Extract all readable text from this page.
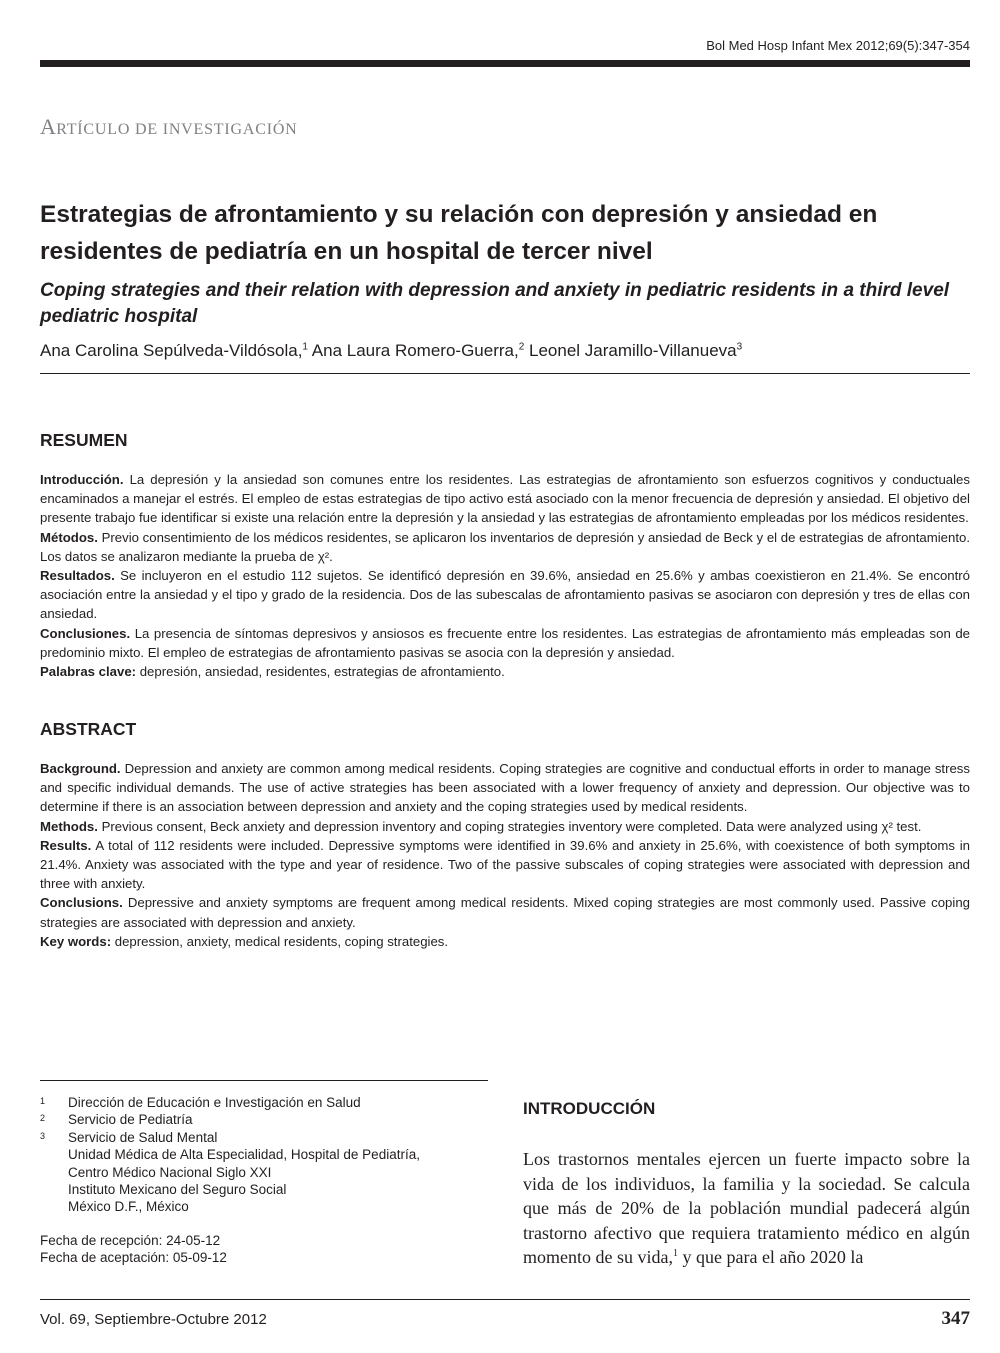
Bol Med Hosp Infant Mex 2012;69(5):347-354
ARTÍCULO DE INVESTIGACIÓN
Estrategias de afrontamiento y su relación con depresión y ansiedad en residentes de pediatría en un hospital de tercer nivel
Coping strategies and their relation with depression and anxiety in pediatric residents in a third level pediatric hospital
Ana Carolina Sepúlveda-Vildósola,$^1$ Ana Laura Romero-Guerra,$^2$ Leonel Jaramillo-Villanueva$^3$
RESUMEN

Introducción. La depresión y la ansiedad son comunes entre los residentes. Las estrategias de afrontamiento son esfuerzos cognitivos y conductuales encaminados a manejar el estrés. El empleo de estas estrategias de tipo activo está asociado con la menor frecuencia de depresión y ansiedad. El objetivo del presente trabajo fue identificar si existe una relación entre la depresión y la ansiedad y las estrategias de afrontamiento empleadas por los médicos residentes.

Métodos. Previo consentimiento de los médicos residentes, se aplicaron los inventarios de depresión y ansiedad de Beck y el de estrategias de afrontamiento. Los datos se analizaron mediante la prueba de χ².

Resultados. Se incluyeron en el estudio 112 sujetos. Se identificó depresión en 39.6%, ansiedad en 25.6% y ambas coexistieron en 21.4%. Se encontró asociación entre la ansiedad y el tipo y grado de la residencia. Dos de las subescalas de afrontamiento pasivas se asociaron con depresión y tres de ellas con ansiedad.

Conclusiones. La presencia de síntomas depresivos y ansiosos es frecuente entre los residentes. Las estrategias de afrontamiento más empleadas son de predominio mixto. El empleo de estrategias de afrontamiento pasivas se asocia con la depresión y ansiedad.

Palabras clave: depresión, ansiedad, residentes, estrategias de afrontamiento.

ABSTRACT

Background. Depression and anxiety are common among medical residents. Coping strategies are cognitive and conductual efforts in order to manage stress and specific individual demands. The use of active strategies has been associated with a lower frequency of anxiety and depression. Our objective was to determine if there is an association between depression and anxiety and the coping strategies used by medical residents.

Methods. Previous consent, Beck anxiety and depression inventory and coping strategies inventory were completed. Data were analyzed using χ² test.

Results. A total of 112 residents were included. Depressive symptoms were identified in 39.6% and anxiety in 25.6%, with coexistence of both symptoms in 21.4%. Anxiety was associated with the type and year of residence. Two of the passive subscales of coping strategies were associated with depression and three with anxiety.

Conclusions. Depressive and anxiety symptoms are frequent among medical residents. Mixed coping strategies are most commonly used. Passive coping strategies are associated with depression and anxiety.

Key words: depression, anxiety, medical residents, coping strategies.

1	Dirección de Educación e Investigación en Salud
2	Servicio de Pediatría
3	Servicio de Salud Mental
Unidad Médica de Alta Especialidad, Hospital de Pediatría,
Centro Médico Nacional Siglo XXI
Instituto Mexicano del Seguro Social
México D.F., México
Fecha de recepción: 24-05-12
Fecha de aceptación: 05-09-12
INTRODUCCIÓN

Los trastornos mentales ejercen un fuerte impacto sobre la vida de los individuos, la familia y la sociedad. Se calcula que más de 20% de la población mundial padecerá algún trastorno afectivo que requiera tratamiento médico en algún momento de su vida,$^1$ y que para el año 2020 la

Vol. 69, Septiembre-Octubre 2012	347
